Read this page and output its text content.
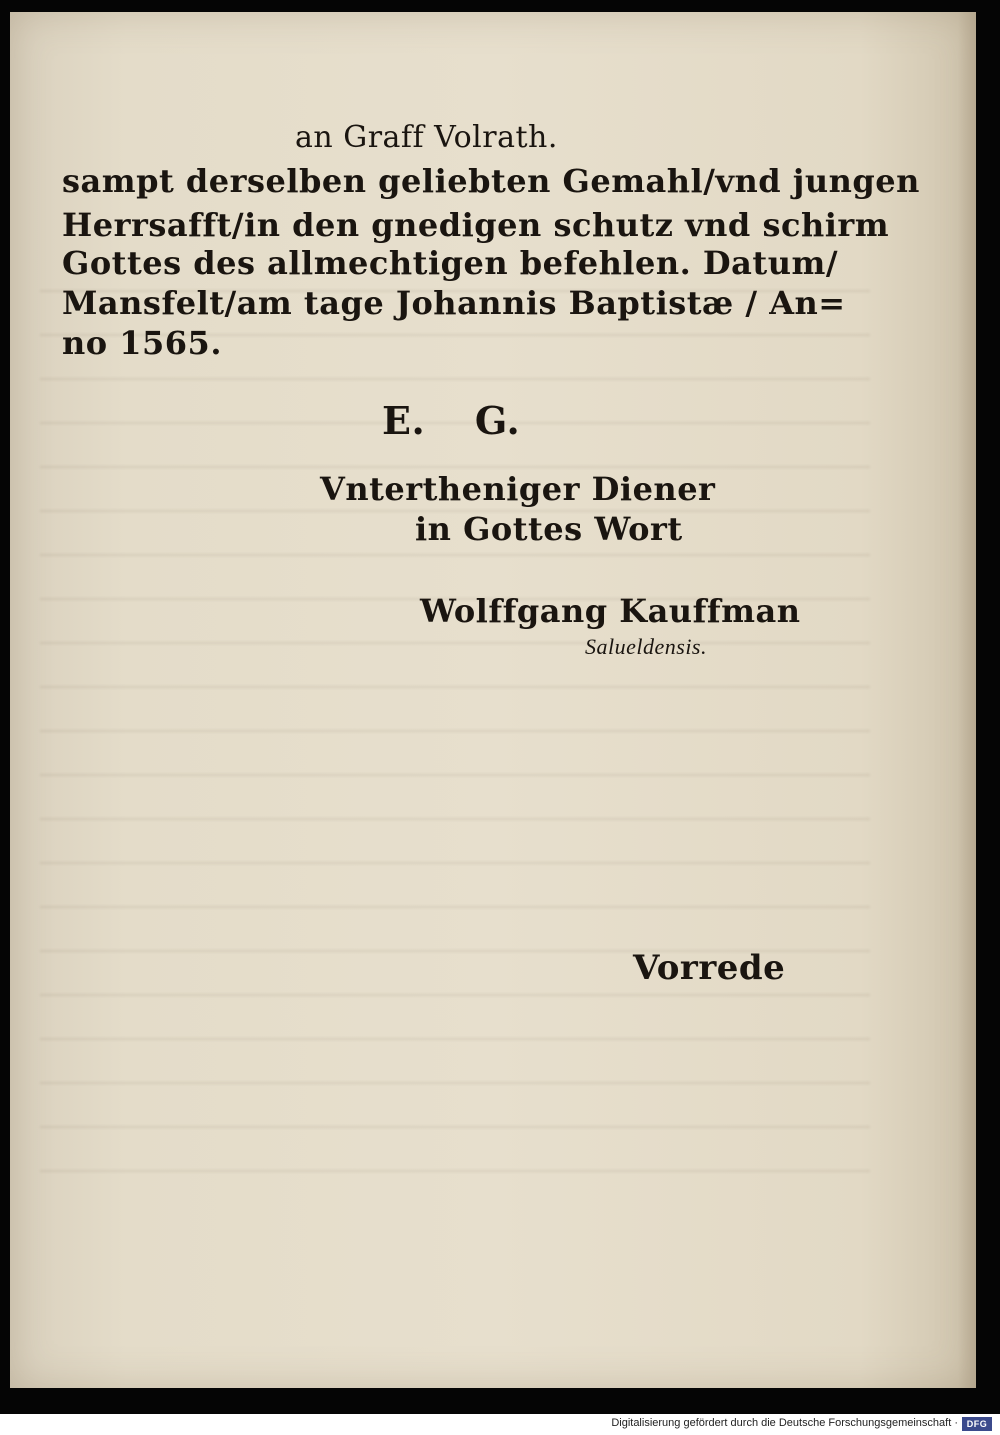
an Graff Volrath.
sampt derselben geliebten Gemahl/vnd jungen
Herrsafft/in den gnedigen schutz vnd schirm
Gottes des allmechtigen befehlen. Datum/
Mansfelt/am tage Johannis Baptistæ / An=
no 1565.
E. G.
Vntertheniger Diener
in Gottes Wort
Wolffgang Kauffman
Salueldensis.
Vorrede
Digitalisierung gefördert durch die Deutsche Forschungsgemeinschaft · DFG
